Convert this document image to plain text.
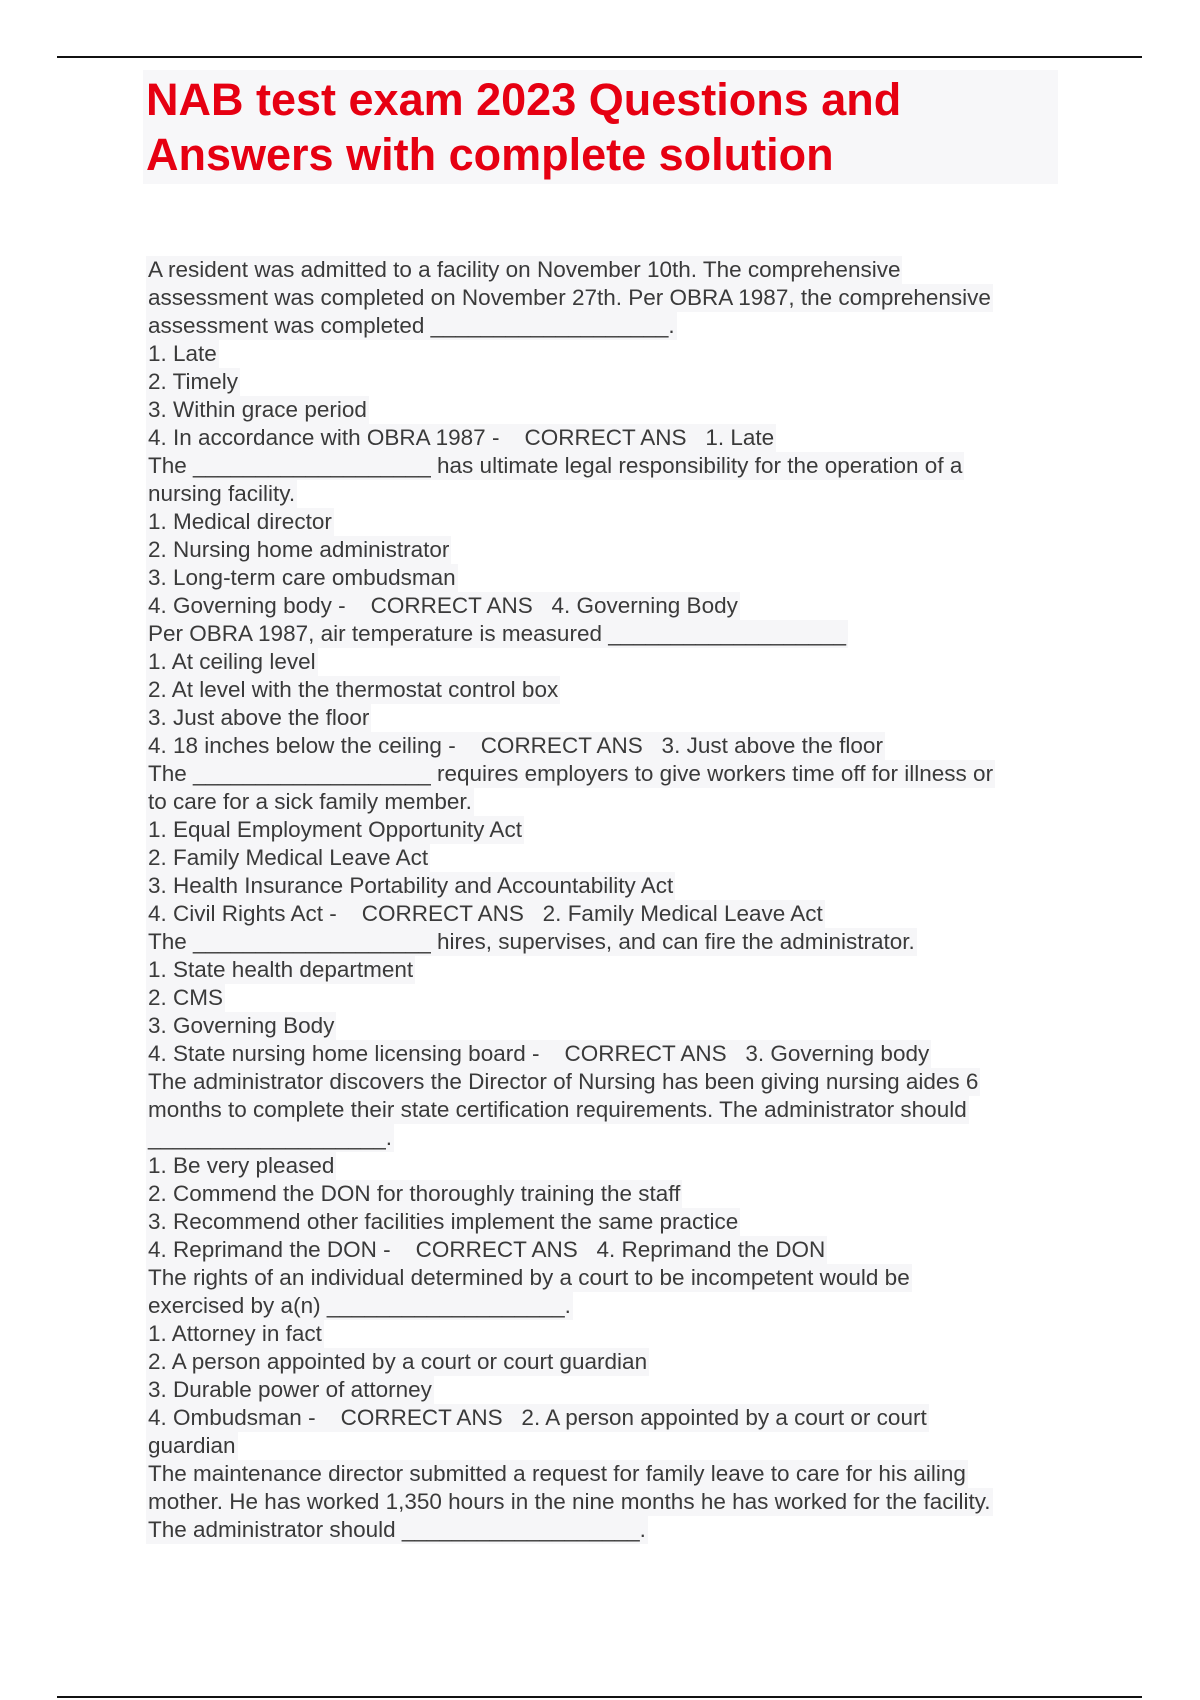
NAB test exam 2023 Questions and
Answers with complete solution
A resident was admitted to a facility on November 10th. The comprehensive
assessment was completed on November 27th. Per OBRA 1987, the comprehensive
assessment was completed ___________________.
1. Late
2. Timely
3. Within grace period
4. In accordance with OBRA 1987 -    CORRECT ANS   1. Late
The ___________________ has ultimate legal responsibility for the operation of a
nursing facility.
1. Medical director
2. Nursing home administrator
3. Long-term care ombudsman
4. Governing body -    CORRECT ANS   4. Governing Body
Per OBRA 1987, air temperature is measured ___________________
1. At ceiling level
2. At level with the thermostat control box
3. Just above the floor
4. 18 inches below the ceiling -    CORRECT ANS   3. Just above the floor
The ___________________ requires employers to give workers time off for illness or
to care for a sick family member.
1. Equal Employment Opportunity Act
2. Family Medical Leave Act
3. Health Insurance Portability and Accountability Act
4. Civil Rights Act -    CORRECT ANS   2. Family Medical Leave Act
The ___________________ hires, supervises, and can fire the administrator.
1. State health department
2. CMS
3. Governing Body
4. State nursing home licensing board -    CORRECT ANS   3. Governing body
The administrator discovers the Director of Nursing has been giving nursing aides 6
months to complete their state certification requirements. The administrator should
___________________.
1. Be very pleased
2. Commend the DON for thoroughly training the staff
3. Recommend other facilities implement the same practice
4. Reprimand the DON -    CORRECT ANS   4. Reprimand the DON
The rights of an individual determined by a court to be incompetent would be
exercised by a(n) ___________________.
1. Attorney in fact
2. A person appointed by a court or court guardian
3. Durable power of attorney
4. Ombudsman -    CORRECT ANS   2. A person appointed by a court or court
guardian
The maintenance director submitted a request for family leave to care for his ailing
mother. He has worked 1,350 hours in the nine months he has worked for the facility.
The administrator should ___________________.
